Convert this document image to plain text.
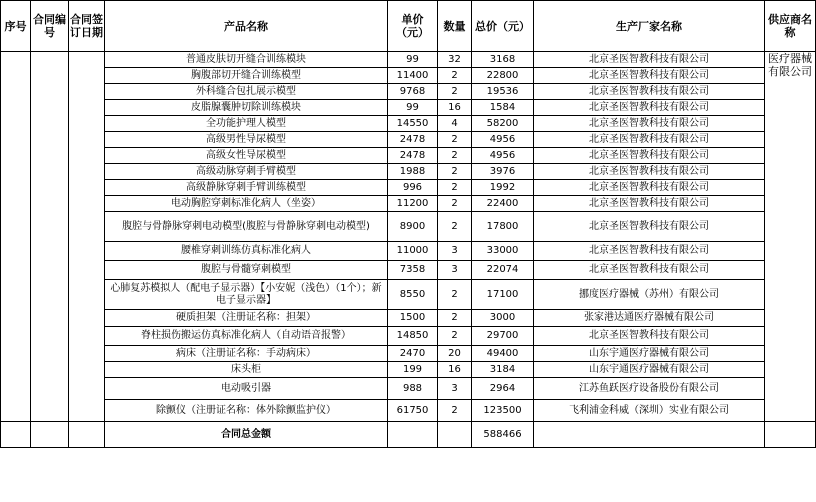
序号	合同编号	合同签订日期	产品名称	单价（元）	数量	总价（元）	生产厂家名称	供应商名称
			普通皮肤切开缝合训练模块	99	32	3168	北京圣医智教科技有限公司	医疗器械有限公司
			胸腹部切开缝合训练模型	11400	2	22800	北京圣医智教科技有限公司	
			外科缝合包扎展示模型	9768	2	19536	北京圣医智教科技有限公司	
			皮脂腺囊肿切除训练模块	99	16	1584	北京圣医智教科技有限公司	
			全功能护理人模型	14550	4	58200	北京圣医智教科技有限公司	
			高级男性导尿模型	2478	2	4956	北京圣医智教科技有限公司	
			高级女性导尿模型	2478	2	4956	北京圣医智教科技有限公司	
			高级动脉穿刺手臂模型	1988	2	3976	北京圣医智教科技有限公司	
			高级静脉穿刺手臂训练模型	996	2	1992	北京圣医智教科技有限公司	
			电动胸腔穿刺标准化病人（坐姿）	11200	2	22400	北京圣医智教科技有限公司	
			腹腔与骨静脉穿刺电动模型(腹腔与骨静脉穿刺电动模型)	8900	2	17800	北京圣医智教科技有限公司	
			腰椎穿刺训练仿真标准化病人	11000	3	33000	北京圣医智教科技有限公司	
			腹腔与骨髓穿刺模型	7358	3	22074	北京圣医智教科技有限公司	
			心肺复苏模拟人（配电子显示器）【小安妮（浅色）（1个）；新电子显示器】	8550	2	17100	挪度医疗器械（苏州）有限公司	
			硬质担架（注册证名称：担架）	1500	2	3000	张家港达通医疗器械有限公司	
			脊柱损伤搬运仿真标准化病人（自动语音报警）	14850	2	29700	北京圣医智教科技有限公司	
			病床（注册证名称：手动病床）	2470	20	49400	山东宇通医疗器械有限公司	
			床头柜	199	16	3184	山东宇通医疗器械有限公司	
			电动吸引器	988	3	2964	江苏鱼跃医疗设备股份有限公司	
			除颤仪（注册证名称：体外除颤监护仪）	61750	2	123500	飞利浦金科威（深圳）实业有限公司	
			合同总金额			588466		
